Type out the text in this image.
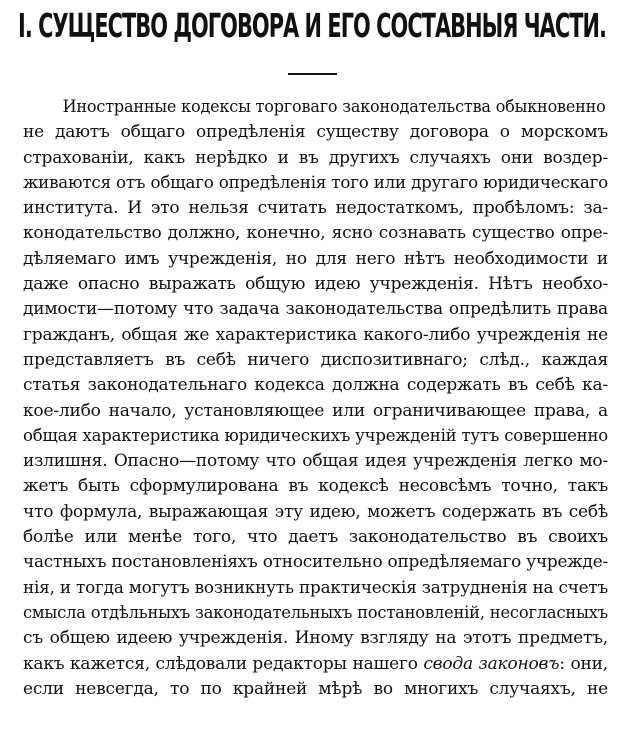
I. СУЩЕСТВО ДОГОВОРА И ЕГО СОСТАВНЫЯ ЧАСТИ.
Иностранные кодексы торговаго законодательства обыкновенно
не даютъ общаго опредѣленія существу договора о морскомъ
страхованіи, какъ нерѣдко и въ другихъ случаяхъ они воздер-
живаются отъ общаго опредѣленія того или другаго юридическаго
института. И это нельзя считать недостаткомъ, пробѣломъ: за-
конодательство должно, конечно, ясно сознавать существо опре-
дѣляемаго имъ учрежденія, но для него нѣтъ необходимости и
даже опасно выражать общую идею учрежденія. Нѣтъ необхо-
димости—потому что задача законодательства опредѣлить права
гражданъ, общая же характеристика какого-либо учрежденія не
представляетъ въ себѣ ничего диспозитивнаго; слѣд., каждая
статья законодательнаго кодекса должна содержать въ себѣ ка-
кое-либо начало, установляющее или ограничивающее права, а
общая характеристика юридическихъ учрежденій тутъ совершенно
излишня. Опасно—потому что общая идея учрежденія легко мо-
жетъ быть сформулирована въ кодексѣ несовсѣмъ точно, такъ
что формула, выражающая эту идею, можетъ содержать въ себѣ
болѣе или менѣе того, что даетъ законодательство въ своихъ
частныхъ постановленіяхъ относительно опредѣляемаго учрежде-
нія, и тогда могутъ возникнуть практическія затрудненія на счетъ
смысла отдѣльныхъ законодательныхъ постановленій, несогласныхъ
съ общею идеею учрежденія. Иному взгляду на этотъ предметъ,
какъ кажется, слѣдовали редакторы нашего свода законовъ: они,
если невсегда, то по крайней мѣрѣ во многихъ случаяхъ, не
